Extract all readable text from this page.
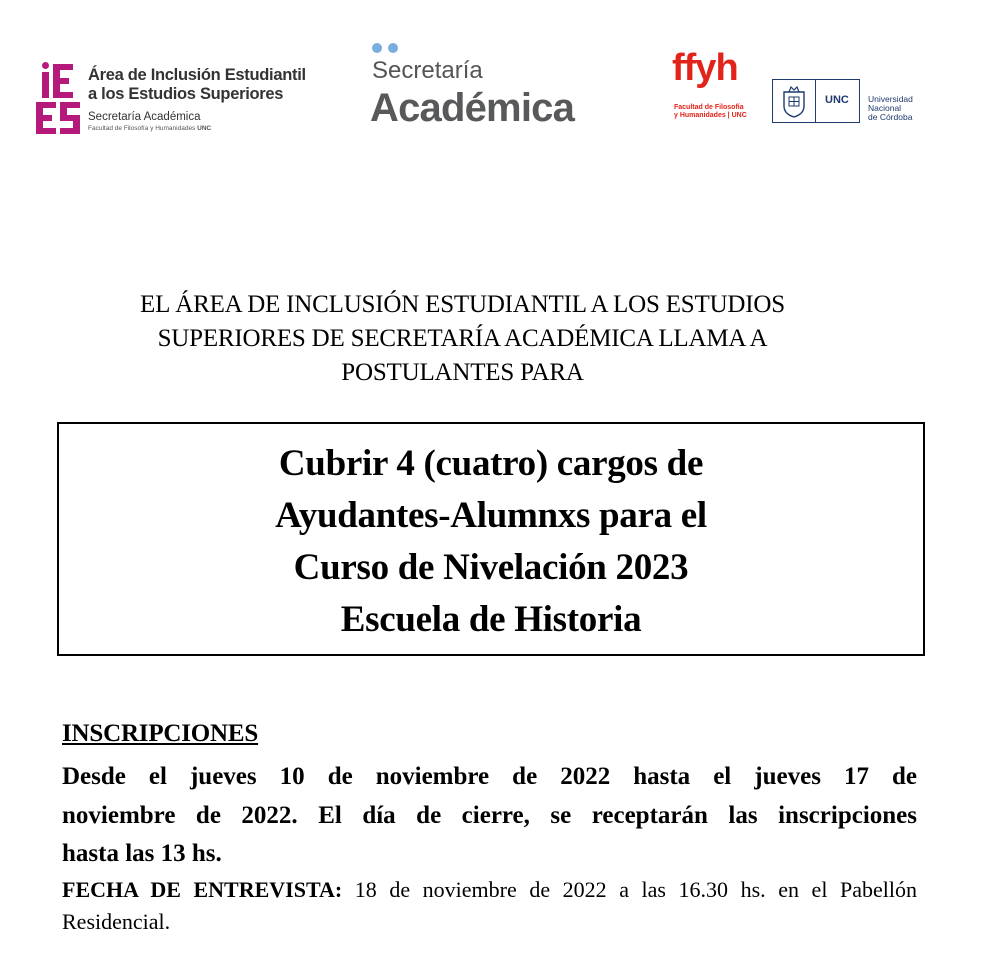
Área de Inclusión Estudiantil
a los Estudios Superiores
Secretaría Académica
Facultad de Filosofía y Humanidades UNC
Secretaría
Académica
ffyh
Facultad de Filosofía
y Humanidades | UNC
UNC Universidad
Nacional
de Córdoba
EL ÁREA DE INCLUSIÓN ESTUDIANTIL A LOS ESTUDIOS
SUPERIORES DE SECRETARÍA ACADÉMICA LLAMA A
POSTULANTES PARA
Cubrir 4 (cuatro) cargos de
Ayudantes-Alumnxs para el
Curso de Nivelación 2023
Escuela de Historia
INSCRIPCIONES
Desde el jueves 10 de noviembre de 2022 hasta el jueves 17 de
noviembre de 2022. El día de cierre, se receptarán las inscripciones
hasta las 13 hs.
FECHA DE ENTREVISTA: 18 de noviembre de 2022 a las 16.30 hs. en el Pabellón
Residencial.
